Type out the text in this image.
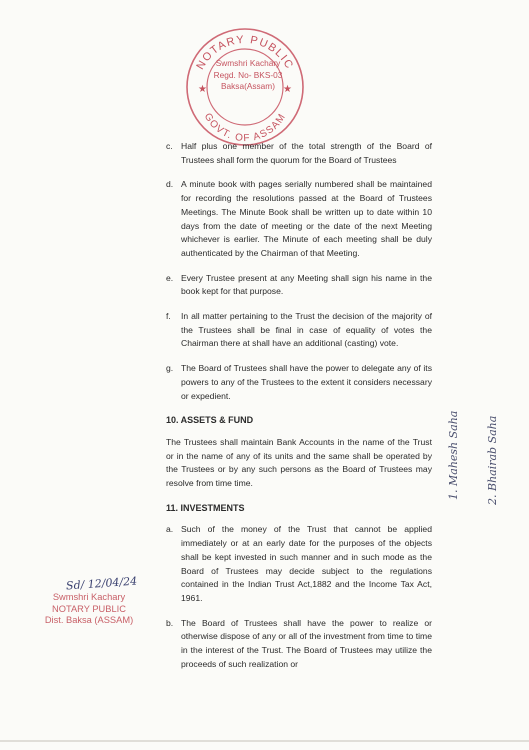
NOTARY PUBLIC
GOVT. OF ASSAM
★	★
Swmshri Kachary
Regd. No- BKS-03
Baksa(Assam)
c. Half plus one member of the total strength of the Board of Trustees shall form the quorum for the Board of Trustees
d. A minute book with pages serially numbered shall be maintained for recording the resolutions passed at the Board of Trustees Meetings. The Minute Book shall be written up to date within 10 days from the date of meeting or the date of the next Meeting whichever is earlier. The Minute of each meeting shall be duly authenticated by the Chairman of that Meeting.
e. Every Trustee present at any Meeting shall sign his name in the book kept for that purpose.
f.	In all matter pertaining to the Trust the decision of the majority of the Trustees shall be final in case of equality of votes the Chairman there at shall have an additional (casting) vote.
g. The Board of Trustees shall have the power to delegate any of its powers to any of the Trustees to the extent it considers necessary or expedient.
10. ASSETS & FUND
The Trustees shall maintain Bank Accounts in the name of the Trust or in the name of any of its units and the same shall be operated by the Trustees or by any such persons as the Board of Trustees may resolve from time time.
11. INVESTMENTS
a. Such of the money of the Trust that cannot be applied immediately or at an early date for the purposes of the objects shall be kept invested in such manner and in such mode as the Board of Trustees may decide subject to the regulations contained in the Indian Trust Act,1882 and the Income Tax Act, 1961.
b. The Board of Trustees shall have the power to realize or otherwise dispose of any or all of the investment from time to time in the interest of the Trust. The Board of Trustees may utilize the proceeds of such realization or
1. Mahesh Saha 2. Bhairab Saha
Sd/ 12/04/24
Swmshri Kachary
NOTARY PUBLIC
Dist. Baksa (ASSAM)
